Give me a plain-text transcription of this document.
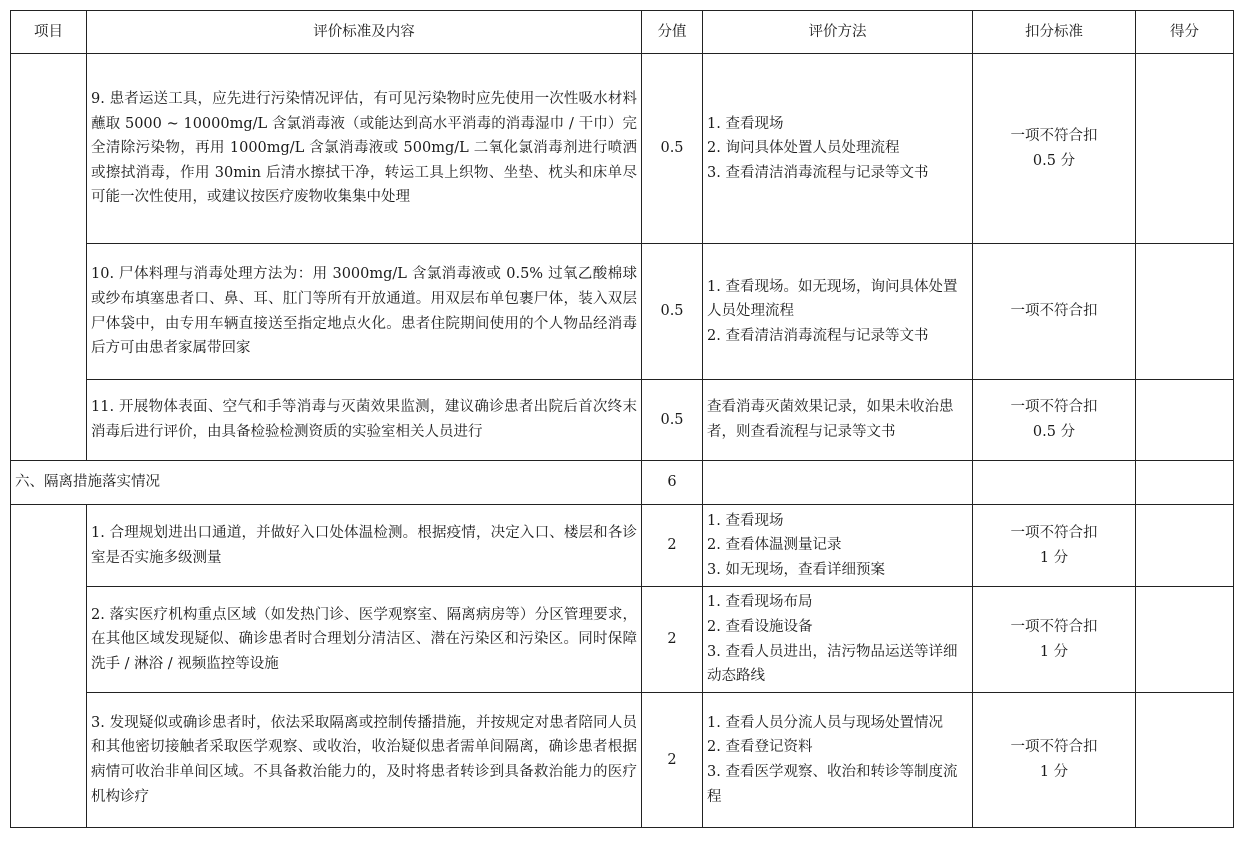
项目	评价标准及内容	分值	评价方法	扣分标准	得分
	9. 患者运送工具，应先进行污染情况评估，有可见污染物时应先使用一次性吸水材料蘸取 5000 ~ 10000mg/L 含氯消毒液（或能达到高水平消毒的消毒湿巾 / 干巾）完全清除污染物，再用 1000mg/L 含氯消毒液或 500mg/L 二氧化氯消毒剂进行喷洒或擦拭消毒，作用 30min 后清水擦拭干净，转运工具上织物、坐垫、枕头和床单尽可能一次性使用，或建议按医疗废物收集集中处理	0.5	1. 查看现场
2. 询问具体处置人员处理流程
3. 查看清洁消毒流程与记录等文书	一项不符合扣
0.5 分	

	10. 尸体料理与消毒处理方法为：用 3000mg/L 含氯消毒液或 0.5% 过氧乙酸棉球或纱布填塞患者口、鼻、耳、肛门等所有开放通道。用双层布单包裹尸体，装入双层尸体袋中，由专用车辆直接送至指定地点火化。患者住院期间使用的个人物品经消毒后方可由患者家属带回家	0.5	1. 查看现场。如无现场，询问具体处置人员处理流程
2. 查看清洁消毒流程与记录等文书	一项不符合扣	

	11. 开展物体表面、空气和手等消毒与灭菌效果监测，建议确诊患者出院后首次终末消毒后进行评价，由具备检验检测资质的实验室相关人员进行	0.5	查看消毒灭菌效果记录，如果未收治患者，则查看流程与记录等文书	一项不符合扣
0.5 分	

六、隔离措施落实情况		6			
	1. 合理规划进出口通道，并做好入口处体温检测。根据疫情，决定入口、楼层和各诊室是否实施多级测量	2	1. 查看现场
2. 查看体温测量记录
3. 如无现场，查看详细预案	一项不符合扣
1 分	

	2. 落实医疗机构重点区域（如发热门诊、医学观察室、隔离病房等）分区管理要求，在其他区域发现疑似、确诊患者时合理划分清洁区、潜在污染区和污染区。同时保障洗手 / 淋浴 / 视频监控等设施	2	1. 查看现场布局
2. 查看设施设备
3. 查看人员进出，洁污物品运送等详细动态路线	一项不符合扣
1 分	

	3. 发现疑似或确诊患者时，依法采取隔离或控制传播措施，并按规定对患者陪同人员和其他密切接触者采取医学观察、或收治，收治疑似患者需单间隔离，确诊患者根据病情可收治非单间区域。不具备救治能力的，及时将患者转诊到具备救治能力的医疗机构诊疗	2	1. 查看人员分流人员与现场处置情况
2. 查看登记资料
3. 查看医学观察、收治和转诊等制度流程	一项不符合扣
1 分	
